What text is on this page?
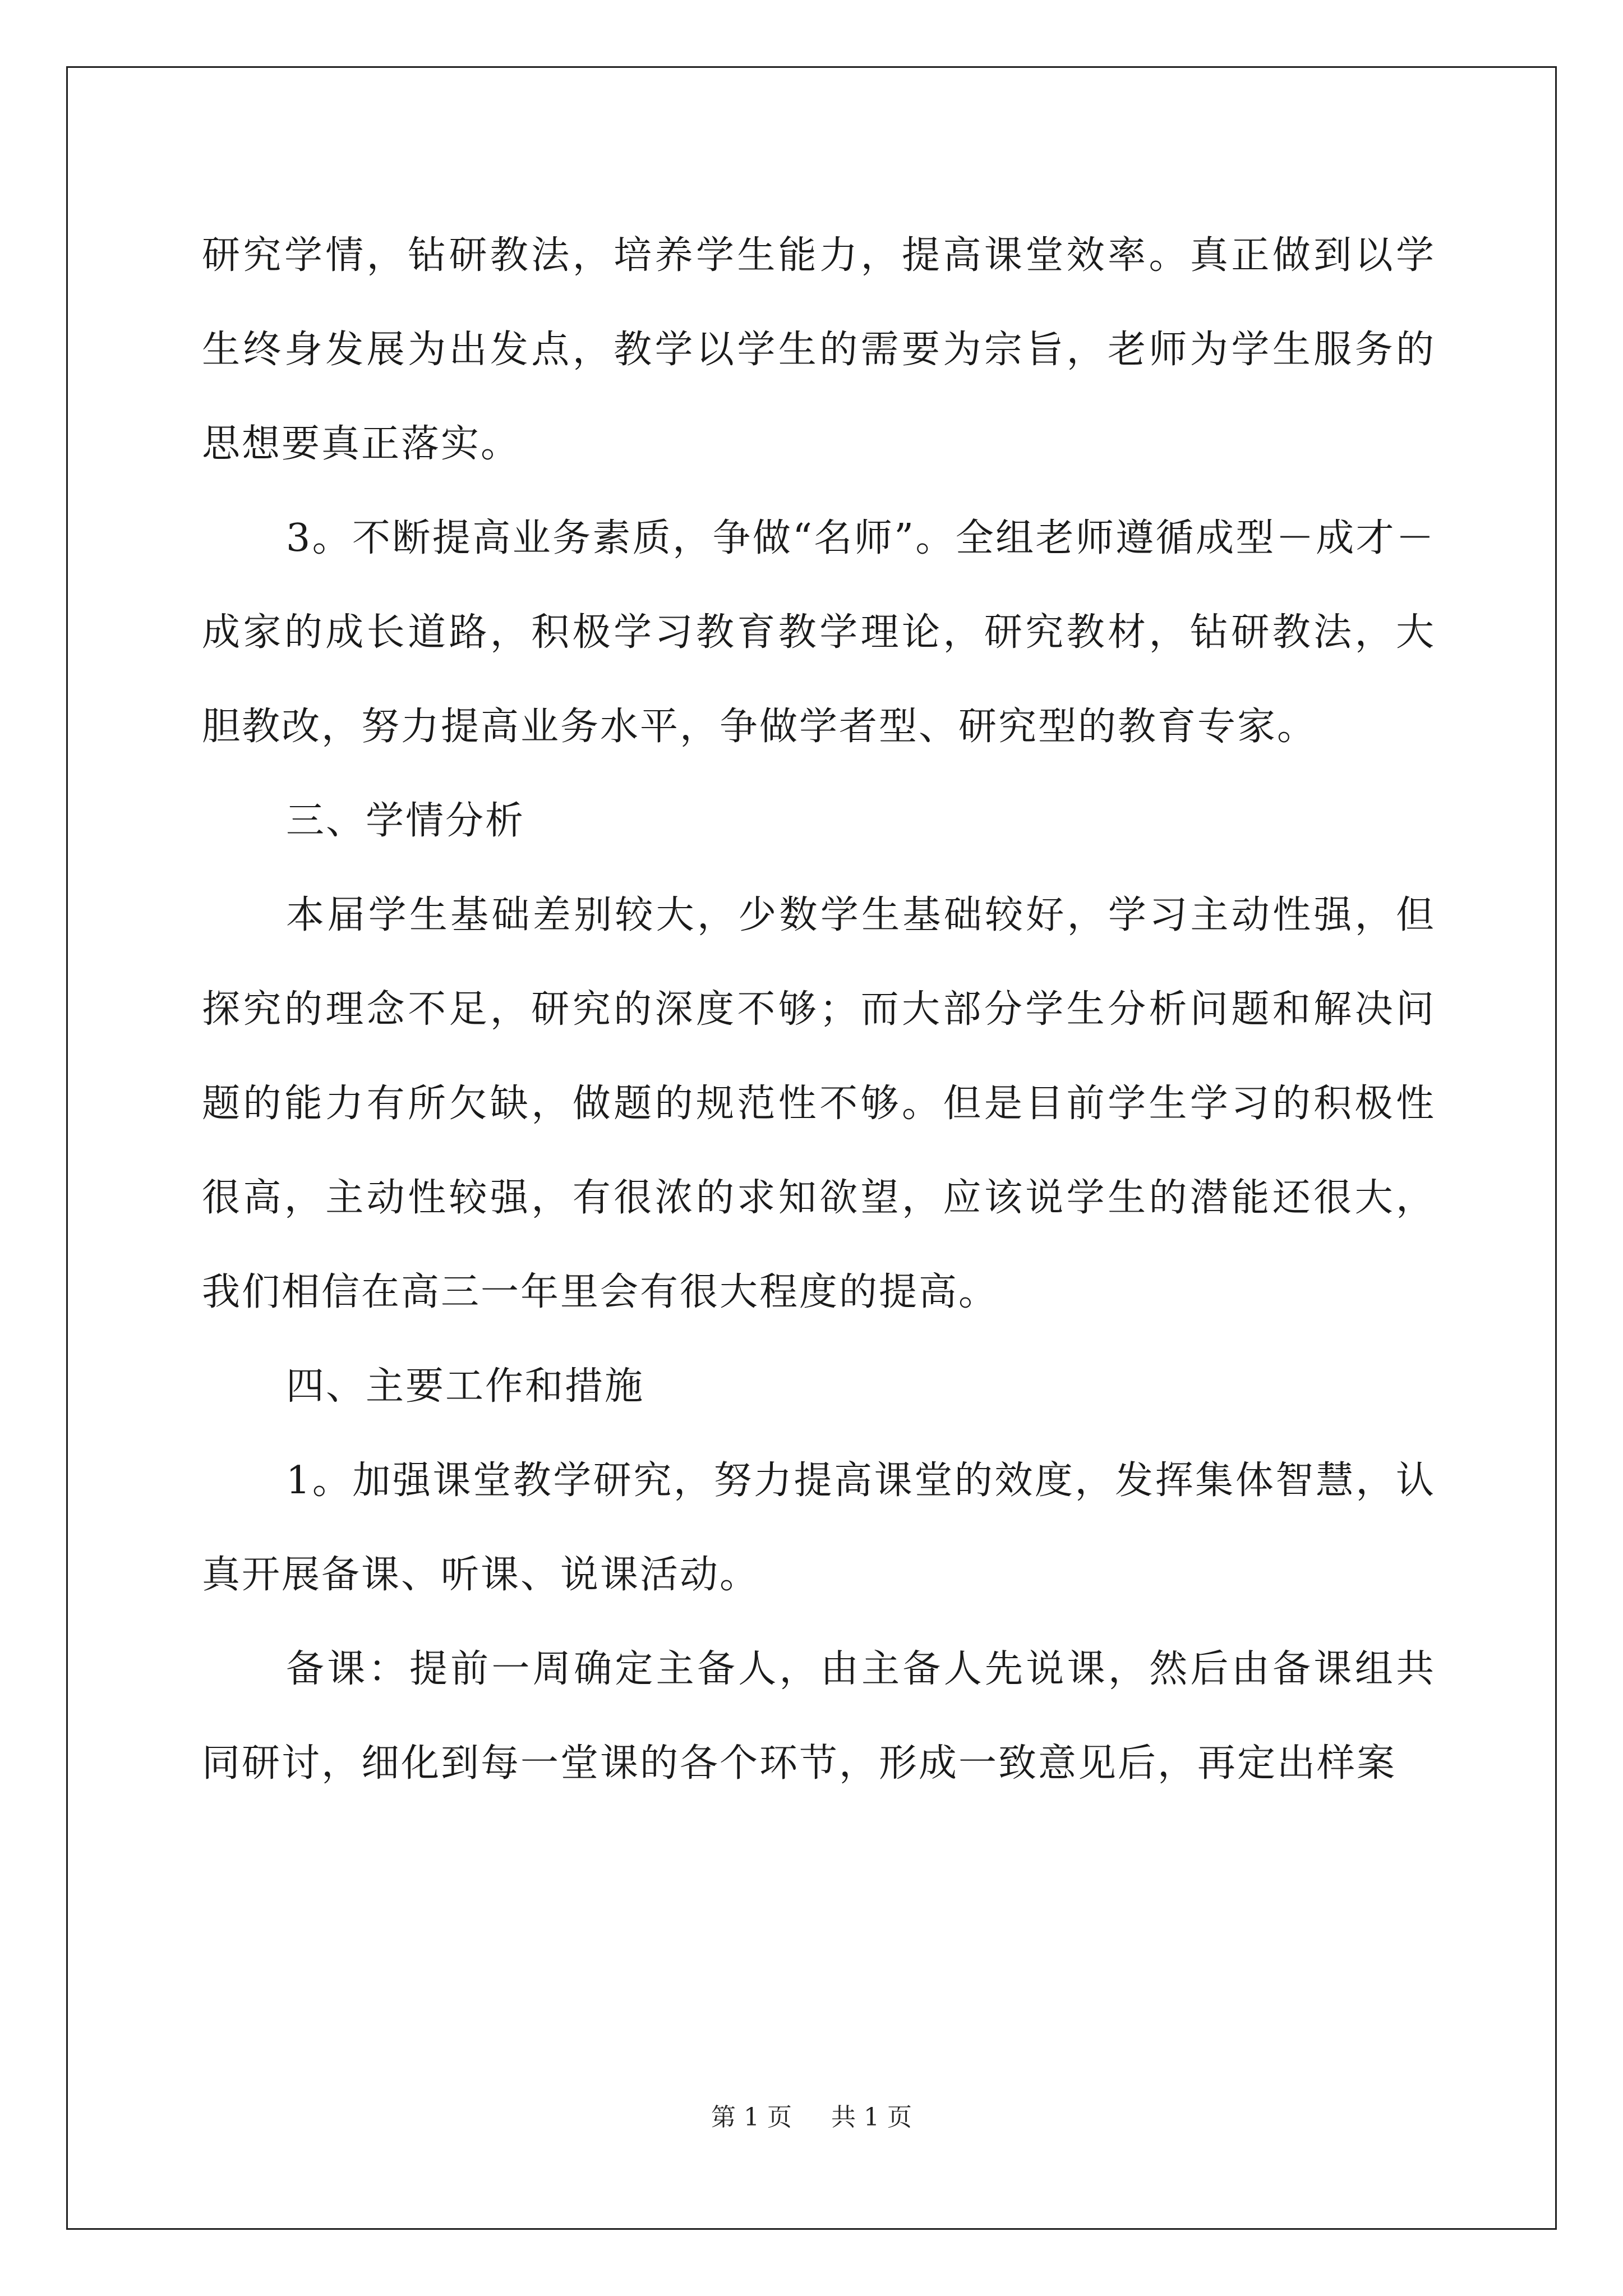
研究学情，钻研教法，培养学生能力，提高课堂效率。真正做到以学生终身发展为出发点，教学以学生的需要为宗旨，老师为学生服务的思想要真正落实。

3。不断提高业务素质，争做“名师”。全组老师遵循成型－成才－成家的成长道路，积极学习教育教学理论，研究教材，钻研教法，大胆教改，努力提高业务水平，争做学者型、研究型的教育专家。

三、学情分析

本届学生基础差别较大，少数学生基础较好，学习主动性强，但探究的理念不足，研究的深度不够；而大部分学生分析问题和解决问题的能力有所欠缺，做题的规范性不够。但是目前学生学习的积极性很高，主动性较强，有很浓的求知欲望，应该说学生的潜能还很大，我们相信在高三一年里会有很大程度的提高。

四、主要工作和措施

1。加强课堂教学研究，努力提高课堂的效度，发挥集体智慧，认真开展备课、听课、说课活动。

备课：提前一周确定主备人，由主备人先说课，然后由备课组共同研讨，细化到每一堂课的各个环节，形成一致意见后，再定出样案

第 1 页 共 1 页
